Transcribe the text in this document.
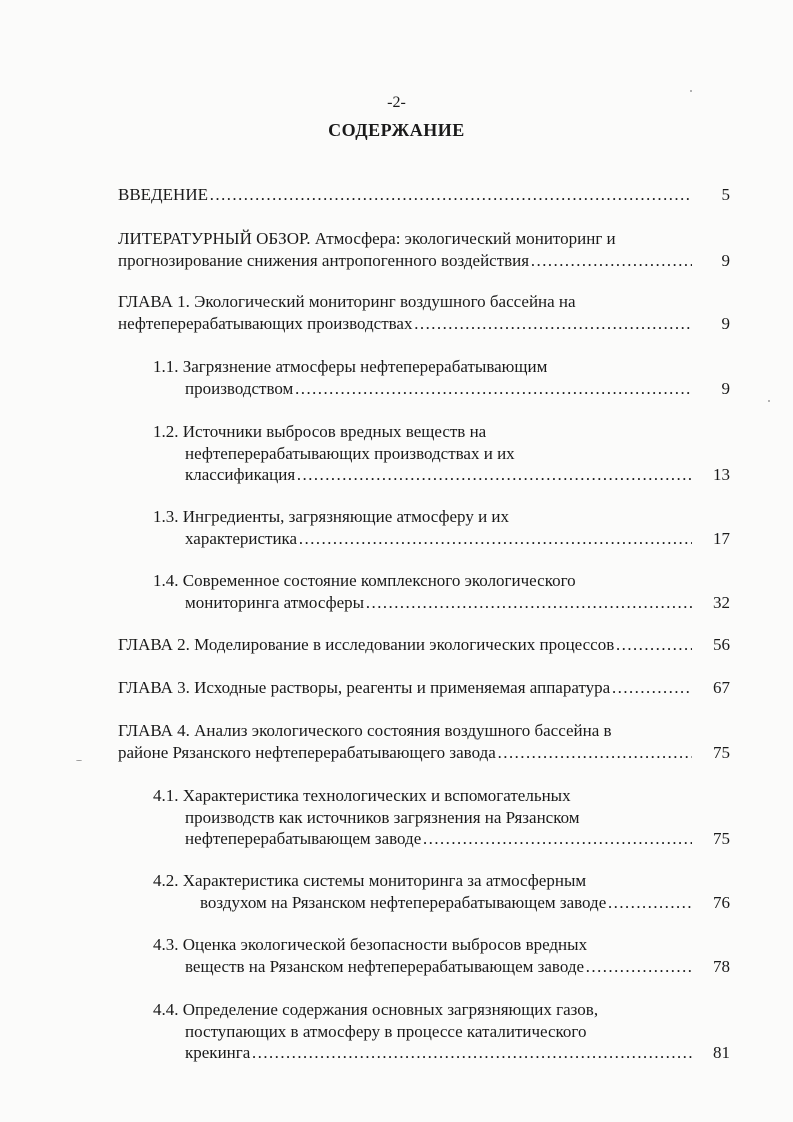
-2-
СОДЕРЖАНИЕ
ВВЕДЕНИЕ …………………………………………………………………………………………………………………………………………………………………	5
ЛИТЕРАТУРНЫЙ ОБЗОР. Атмосфера: экологический мониторинг и
прогнозирование снижения антропогенного воздействия …………………………………………………………………………………………………………………………………………………………………	9
ГЛАВА 1. Экологический мониторинг воздушного бассейна на
нефтеперерабатывающих производствах …………………………………………………………………………………………………………………………………………………………………	9
1.1. Загрязнение атмосферы нефтеперерабатывающим
производством …………………………………………………………………………………………………………………………………………………………………	9
1.2. Источники выбросов вредных веществ на
нефтеперерабатывающих производствах и их
классификация …………………………………………………………………………………………………………………………………………………………………	13
1.3. Ингредиенты, загрязняющие атмосферу и их
характеристика …………………………………………………………………………………………………………………………………………………………………	17
1.4. Современное состояние комплексного экологического
мониторинга атмосферы …………………………………………………………………………………………………………………………………………………………………	32
ГЛАВА 2. Моделирование в исследовании экологических процессов …………………………………………………………………………………………………………………………………………………………………	56
ГЛАВА 3. Исходные растворы, реагенты и применяемая аппаратура …………………………………………………………………………………………………………………………………………………………………	67
ГЛАВА 4. Анализ экологического состояния воздушного бассейна в
районе Рязанского нефтеперерабатывающего завода …………………………………………………………………………………………………………………………………………………………………	75
4.1. Характеристика технологических и вспомогательных
производств как источников загрязнения на Рязанском
нефтеперерабатывающем заводе …………………………………………………………………………………………………………………………………………………………………	75
4.2. Характеристика системы мониторинга за атмосферным
воздухом на Рязанском нефтеперерабатывающем заводе …………………………………………………………………………………………………………………………………………………………………	76
4.3. Оценка экологической безопасности выбросов вредных
веществ на Рязанском нефтеперерабатывающем заводе …………………………………………………………………………………………………………………………………………………………………	78
4.4. Определение содержания основных загрязняющих газов,
поступающих в атмосферу в процессе каталитического
крекинга …………………………………………………………………………………………………………………………………………………………………	81
